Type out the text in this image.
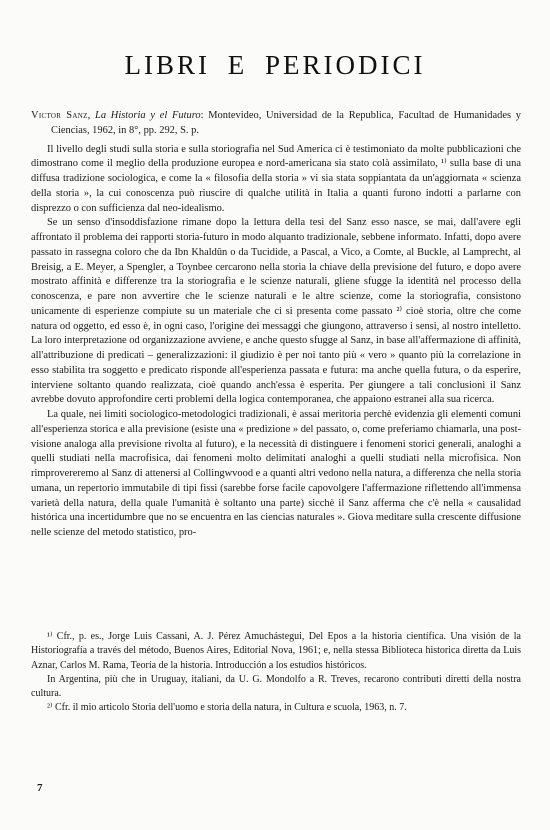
LIBRI E PERIODICI

Victor Sanz, La Historia y el Futuro: Montevideo, Universidad de la Republica, Facultad de Humanidades y Ciencias, 1962, in 8°, pp. 292, S. p.

Il livello degli studi sulla storia e sulla storiografia nel Sud America ci è testimoniato da molte pubblicazioni che dimostrano come il meglio della produzione europea e nord-americana sia stato colà assimilato, ¹⁾ sulla base di una diffusa tradizione sociologica, e come la « filosofia della storia » vi sia stata soppiantata da un'aggiornata « scienza della storia », la cui conoscenza può riuscire di qualche utilità in Italia a quanti furono indotti a parlarne con disprezzo o con sufficienza dal neo-idealismo.

Se un senso d'insoddisfazione rimane dopo la lettura della tesi del Sanz esso nasce, se mai, dall'avere egli affrontato il problema dei rapporti storia-futuro in modo alquanto tradizionale, sebbene informato. Infatti, dopo avere passato in rassegna coloro che da Ibn Khaldûn o da Tucidide, a Pascal, a Vico, a Comte, al Buckle, al Lamprecht, al Breisig, a E. Meyer, a Spengler, a Toynbee cercarono nella storia la chiave della previsione del futuro, e dopo avere mostrato affinità e differenze tra la storiografia e le scienze naturali, gliene sfugge la identità nel processo della conoscenza, e pare non avvertire che le scienze naturali e le altre scienze, come la storiografia, consistono unicamente di esperienze compiute su un materiale che ci si presenta come passato ²⁾ cioè storia, oltre che come natura od oggetto, ed esso è, in ogni caso, l'origine dei messaggi che giungono, attraverso i sensi, al nostro intelletto. La loro interpretazione od organizzazione avviene, e anche questo sfugge al Sanz, in base all'affermazione di affinità, all'attribuzione di predicati – generalizzazioni: il giudizio è per noi tanto più « vero » quanto più la correlazione in esso stabilita tra soggetto e predicato risponde all'esperienza passata e futura: ma anche quella futura, o da esperire, interviene soltanto quando realizzata, cioè quando anch'essa è esperita. Per giungere a tali conclusioni il Sanz avrebbe dovuto approfondire certi problemi della logica contemporanea, che appaiono estranei alla sua ricerca.

La quale, nei limiti sociologico-metodologici tradizionali, è assai meritoria perchè evidenzia gli elementi comuni all'esperienza storica e alla previsione (esiste una « predizione » del passato, o, come preferiamo chiamarla, una post-visione analoga alla previsione rivolta al futuro), e la necessità di distinguere i fenomeni storici generali, analoghi a quelli studiati nella macrofisica, dai fenomeni molto delimitati analoghi a quelli studiati nella microfisica. Non rimprovereremo al Sanz di attenersi al Collingwvood e a quanti altri vedono nella natura, a differenza che nella storia umana, un repertorio immutabile di tipi fissi (sarebbe forse facile capovolgere l'affermazione riflettendo all'immensa varietà della natura, della quale l'umanità è soltanto una parte) sicchè il Sanz afferma che c'è nella « causalidad histórica una incertidumbre que no se encuentra en las ciencias naturales ». Giova meditare sulla crescente diffusione nelle scienze del metodo statistico, pro-

¹⁾ Cfr., p. es., Jorge Luis Cassani, A. J. Pérez Amuchástegui, Del Epos a la historia científica. Una visión de la Historiografía a través del método, Buenos Aires, Editorial Nova, 1961; e, nella stessa Biblioteca historica diretta da Luis Aznar, Carlos M. Rama, Teoría de la historia. Introducción a los estudios históricos.

In Argentina, più che in Uruguay, italiani, da U. G. Mondolfo a R. Treves, recarono contributi diretti della nostra cultura.

²⁾ Cfr. il mio articolo Storia dell'uomo e storia della natura, in Cultura e scuola, 1963, n. 7.

7
